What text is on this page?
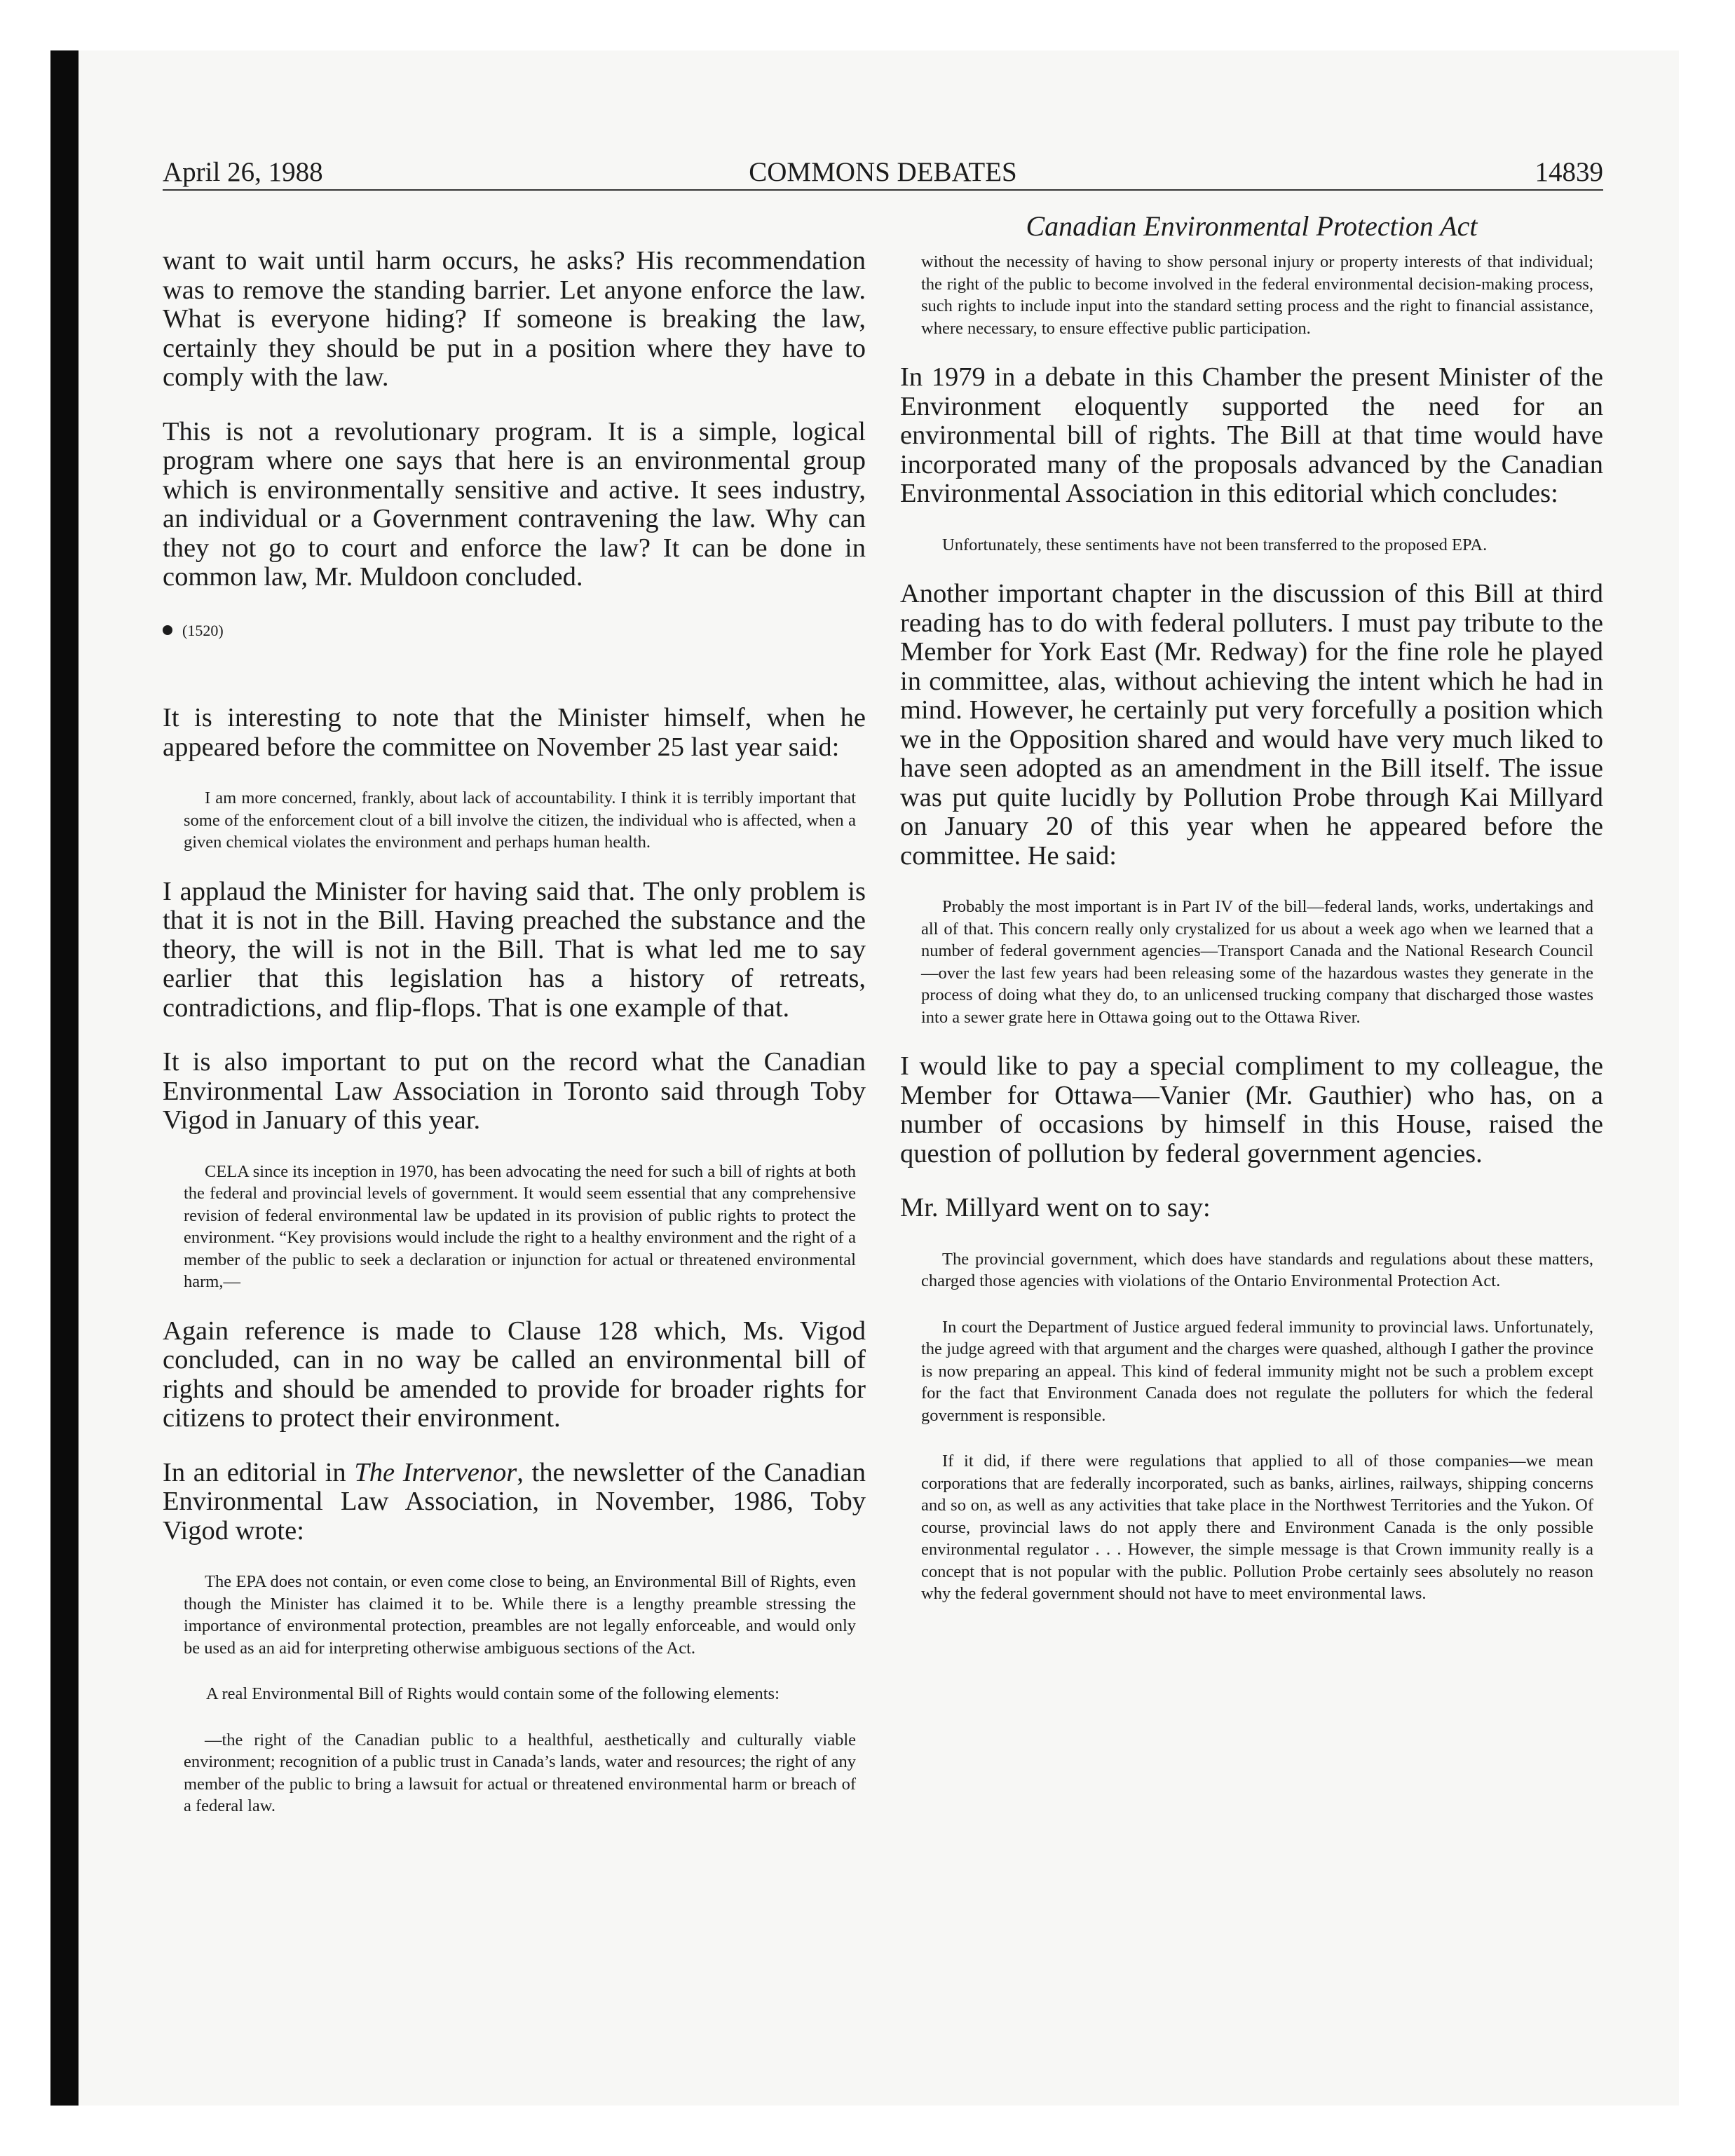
April 26, 1988	COMMONS DEBATES	14839
Canadian Environmental Protection Act

want to wait until harm occurs, he asks? His recommendation was to remove the standing barrier. Let anyone enforce the law. What is everyone hiding? If someone is breaking the law, certainly they should be put in a position where they have to comply with the law.

This is not a revolutionary program. It is a simple, logical program where one says that here is an environmental group which is environmentally sensitive and active. It sees industry, an individual or a Government contravening the law. Why can they not go to court and enforce the law? It can be done in common law, Mr. Muldoon concluded.

(1520)

It is interesting to note that the Minister himself, when he appeared before the committee on November 25 last year said:

I am more concerned, frankly, about lack of accountability. I think it is terribly important that some of the enforcement clout of a bill involve the citizen, the individual who is affected, when a given chemical violates the environment and perhaps human health.

I applaud the Minister for having said that. The only problem is that it is not in the Bill. Having preached the substance and the theory, the will is not in the Bill. That is what led me to say earlier that this legislation has a history of retreats, contradictions, and flip-flops. That is one example of that.

It is also important to put on the record what the Canadian Environmental Law Association in Toronto said through Toby Vigod in January of this year.

CELA since its inception in 1970, has been advocating the need for such a bill of rights at both the federal and provincial levels of government. It would seem essential that any comprehensive revision of federal environmental law be updated in its provision of public rights to protect the environment. “Key provisions would include the right to a healthy environment and the right of a member of the public to seek a declaration or injunction for actual or threatened environmental harm,—

Again reference is made to Clause 128 which, Ms. Vigod concluded, can in no way be called an environmental bill of rights and should be amended to provide for broader rights for citizens to protect their environment.

In an editorial in The Intervenor, the newsletter of the Canadian Environmental Law Association, in November, 1986, Toby Vigod wrote:

The EPA does not contain, or even come close to being, an Environmental Bill of Rights, even though the Minister has claimed it to be. While there is a lengthy preamble stressing the importance of environmental protection, preambles are not legally enforceable, and would only be used as an aid for interpreting otherwise ambiguous sections of the Act.

A real Environmental Bill of Rights would contain some of the following elements:

—the right of the Canadian public to a healthful, aesthetically and culturally viable environment; recognition of a public trust in Canada’s lands, water and resources; the right of any member of the public to bring a lawsuit for actual or threatened environmental harm or breach of a federal law.

without the necessity of having to show personal injury or property interests of that individual; the right of the public to become involved in the federal environmental decision-making process, such rights to include input into the standard setting process and the right to financial assistance, where necessary, to ensure effective public participation.

In 1979 in a debate in this Chamber the present Minister of the Environment eloquently supported the need for an environmental bill of rights. The Bill at that time would have incorporated many of the proposals advanced by the Canadian Environmental Association in this editorial which concludes:

Unfortunately, these sentiments have not been transferred to the proposed EPA.

Another important chapter in the discussion of this Bill at third reading has to do with federal polluters. I must pay tribute to the Member for York East (Mr. Redway) for the fine role he played in committee, alas, without achieving the intent which he had in mind. However, he certainly put very forcefully a position which we in the Opposition shared and would have very much liked to have seen adopted as an amendment in the Bill itself. The issue was put quite lucidly by Pollution Probe through Kai Millyard on January 20 of this year when he appeared before the committee. He said:

Probably the most important is in Part IV of the bill—federal lands, works, undertakings and all of that. This concern really only crystalized for us about a week ago when we learned that a number of federal government agencies—Transport Canada and the National Research Council—over the last few years had been releasing some of the hazardous wastes they generate in the process of doing what they do, to an unlicensed trucking company that discharged those wastes into a sewer grate here in Ottawa going out to the Ottawa River.

I would like to pay a special compliment to my colleague, the Member for Ottawa—Vanier (Mr. Gauthier) who has, on a number of occasions by himself in this House, raised the question of pollution by federal government agencies.

Mr. Millyard went on to say:

The provincial government, which does have standards and regulations about these matters, charged those agencies with violations of the Ontario Environmental Protection Act.

In court the Department of Justice argued federal immunity to provincial laws. Unfortunately, the judge agreed with that argument and the charges were quashed, although I gather the province is now preparing an appeal. This kind of federal immunity might not be such a problem except for the fact that Environment Canada does not regulate the polluters for which the federal government is responsible.

If it did, if there were regulations that applied to all of those companies—we mean corporations that are federally incorporated, such as banks, airlines, railways, shipping concerns and so on, as well as any activities that take place in the Northwest Territories and the Yukon. Of course, provincial laws do not apply there and Environment Canada is the only possible environmental regulator . . . However, the simple message is that Crown immunity really is a concept that is not popular with the public. Pollution Probe certainly sees absolutely no reason why the federal government should not have to meet environmental laws.
